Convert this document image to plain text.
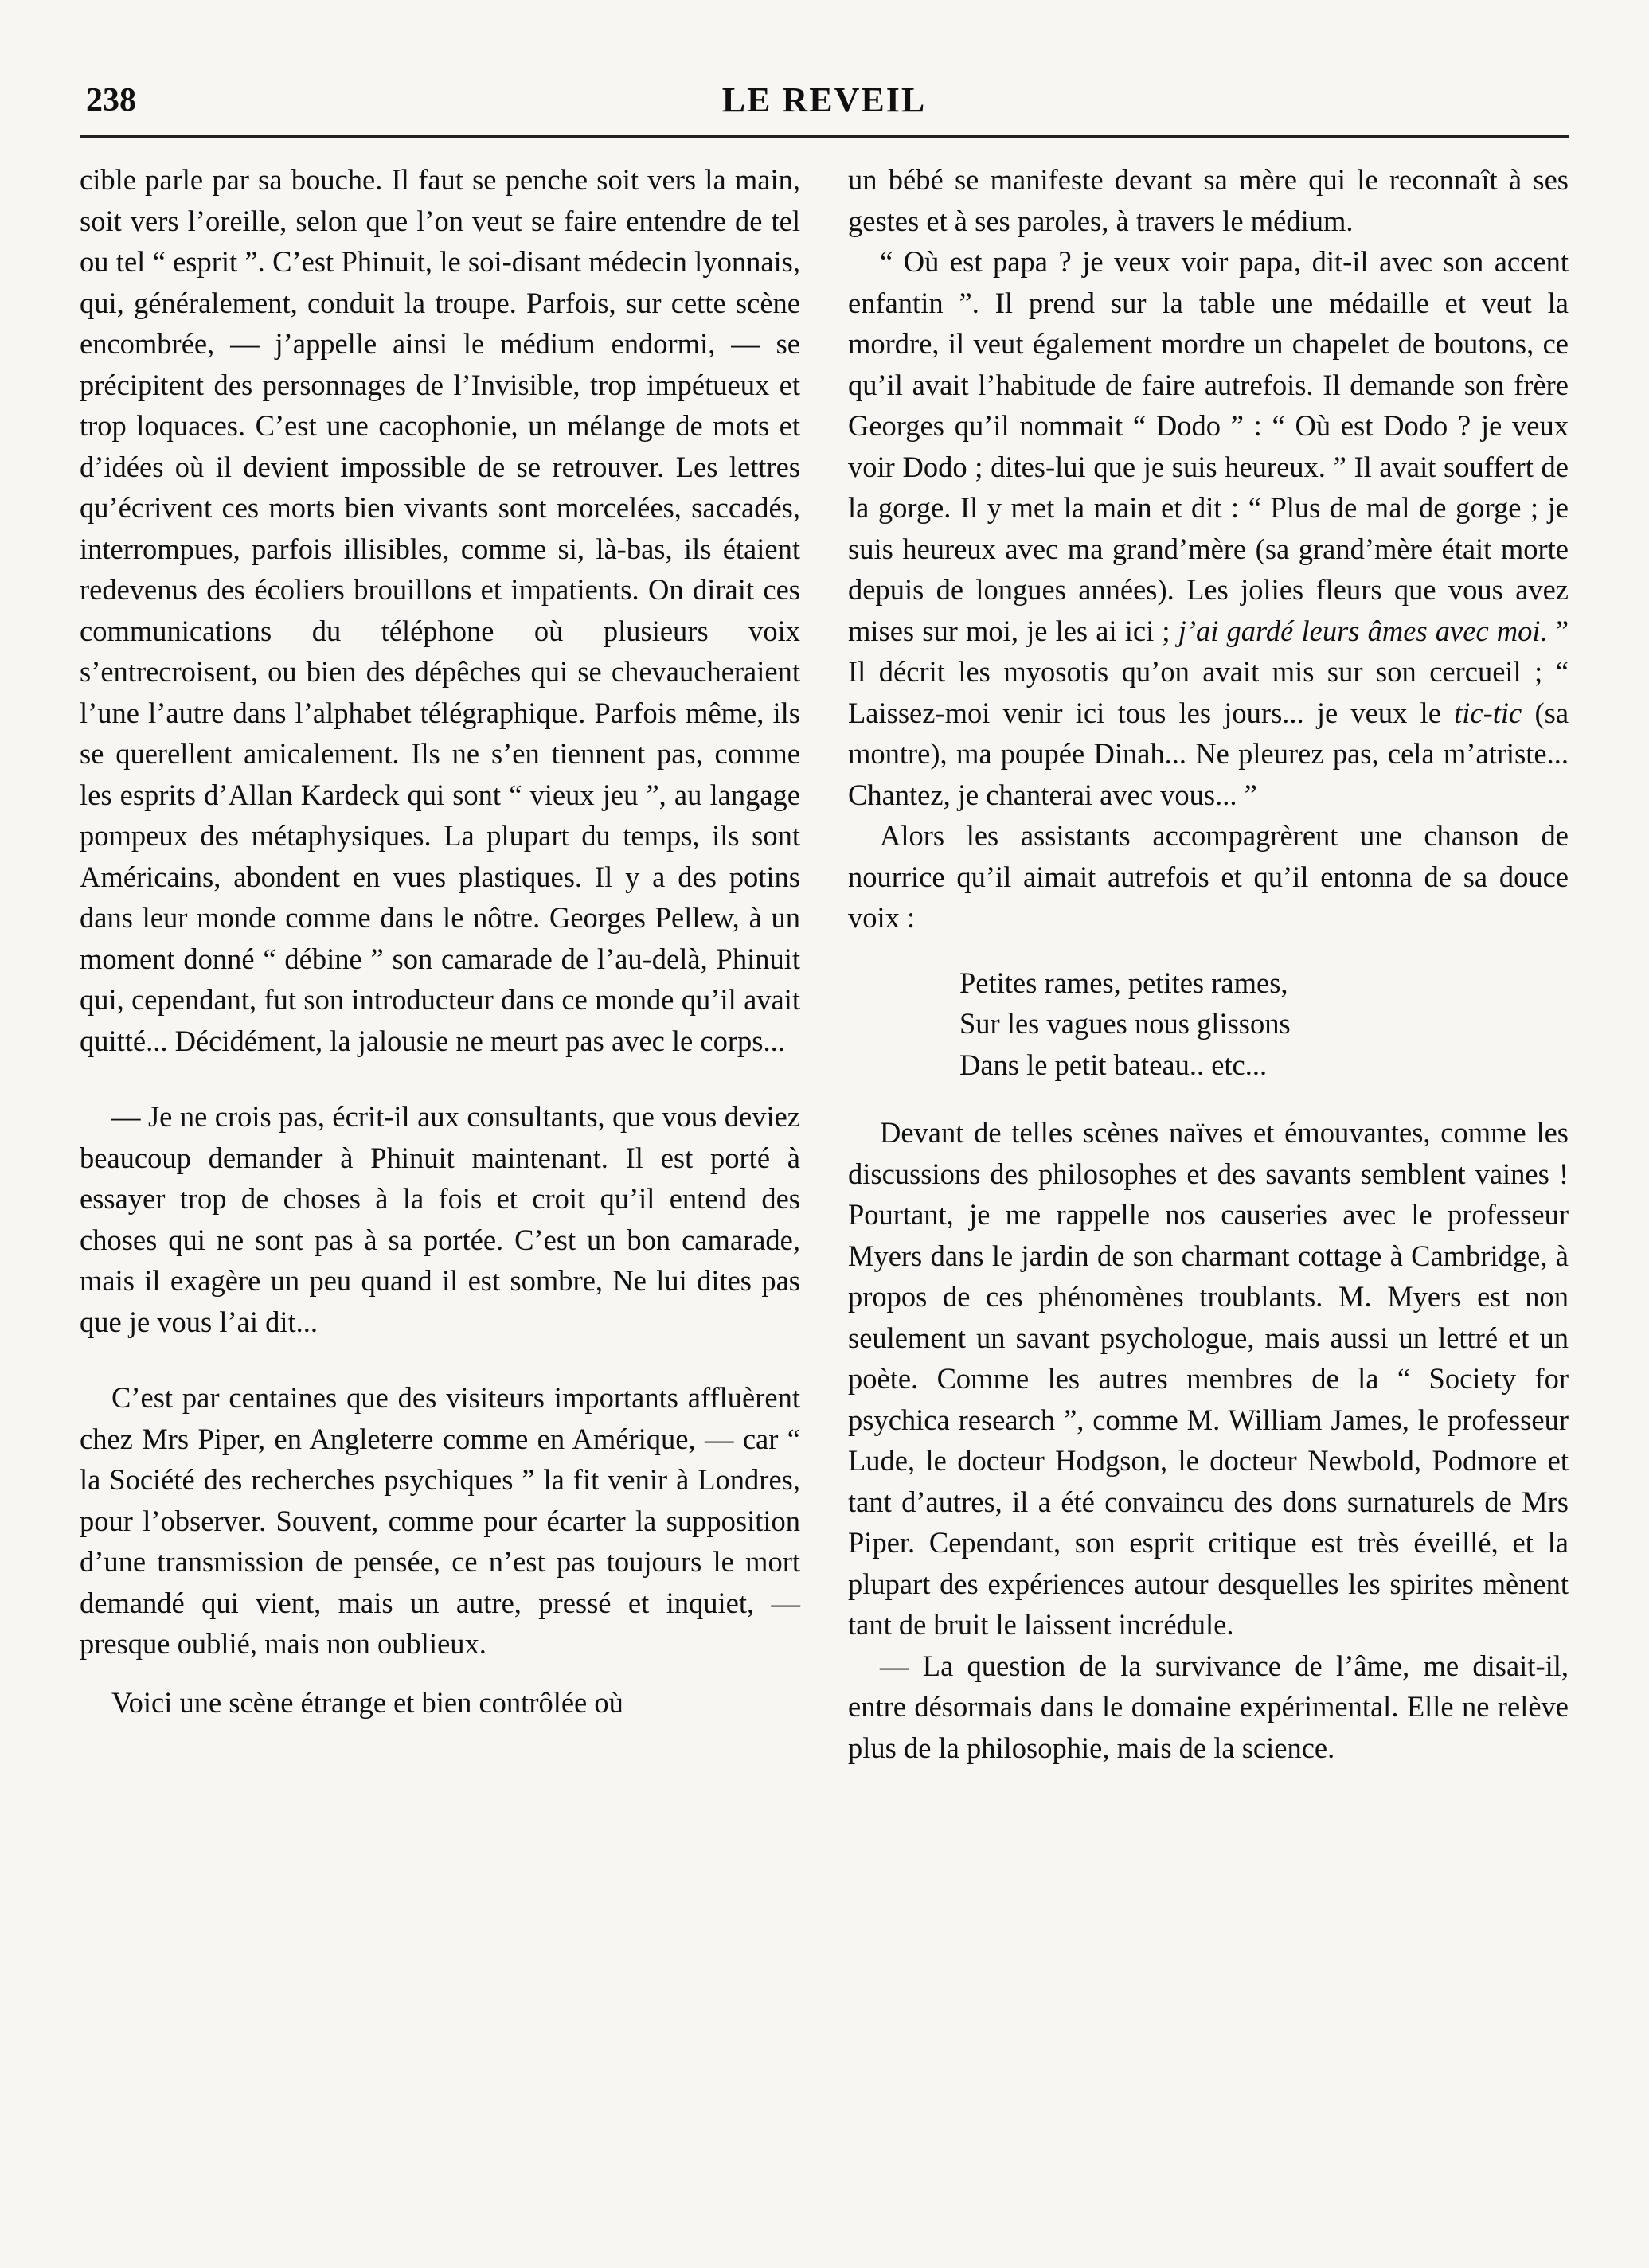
238	LE REVEIL

cible parle par sa bouche. Il faut se penche soit vers la main, soit vers l’oreille, selon que l’on veut se faire entendre de tel ou tel “ esprit ”. C’est Phinuit, le soi-disant médecin lyonnais, qui, généralement, conduit la troupe. Parfois, sur cette scène encombrée, — j’appelle ainsi le médium endormi, — se précipitent des personnages de l’Invisible, trop impétueux et trop loquaces. C’est une cacophonie, un mélange de mots et d’idées où il devient impossible de se retrouver. Les lettres qu’écrivent ces morts bien vivants sont morcelées, saccadés, interrompues, parfois illisibles, comme si, là-bas, ils étaient redevenus des écoliers brouillons et impatients. On dirait ces communications du téléphone où plusieurs voix s’entrecroisent, ou bien des dépêches qui se chevaucheraient l’une l’autre dans l’alphabet télégraphique. Parfois même, ils se querellent amicalement. Ils ne s’en tiennent pas, comme les esprits d’Allan Kardeck qui sont “ vieux jeu ”, au langage pompeux des métaphysiques. La plupart du temps, ils sont Américains, abondent en vues plastiques. Il y a des potins dans leur monde comme dans le nôtre. Georges Pellew, à un moment donné “ débine ” son camarade de l’au-delà, Phinuit qui, cependant, fut son introducteur dans ce monde qu’il avait quitté... Décidément, la jalousie ne meurt pas avec le corps...

— Je ne crois pas, écrit-il aux consultants, que vous deviez beaucoup demander à Phinuit maintenant. Il est porté à essayer trop de choses à la fois et croit qu’il entend des choses qui ne sont pas à sa portée. C’est un bon camarade, mais il exagère un peu quand il est sombre, Ne lui dites pas que je vous l’ai dit...

C’est par centaines que des visiteurs importants affluèrent chez Mrs Piper, en Angleterre comme en Amérique, — car “ la Société des recherches psychiques ” la fit venir à Londres, pour l’observer. Souvent, comme pour écarter la supposition d’une transmission de pensée, ce n’est pas toujours le mort demandé qui vient, mais un autre, pressé et inquiet, — presque oublié, mais non oublieux.

Voici une scène étrange et bien contrôlée où

un bébé se manifeste devant sa mère qui le reconnaît à ses gestes et à ses paroles, à travers le médium.

“ Où est papa ? je veux voir papa, dit-il avec son accent enfantin ”. Il prend sur la table une médaille et veut la mordre, il veut également mordre un chapelet de boutons, ce qu’il avait l’habitude de faire autrefois. Il demande son frère Georges qu’il nommait “ Dodo ” : “ Où est Dodo ? je veux voir Dodo ; dites-lui que je suis heureux. ” Il avait souffert de la gorge. Il y met la main et dit : “ Plus de mal de gorge ; je suis heureux avec ma grand’mère (sa grand’mère était morte depuis de longues années). Les jolies fleurs que vous avez mises sur moi, je les ai ici ; j’ai gardé leurs âmes avec moi. ” Il décrit les myosotis qu’on avait mis sur son cercueil ; “ Laissez-moi venir ici tous les jours... je veux le tic-tic (sa montre), ma poupée Dinah... Ne pleurez pas, cela m’atriste... Chantez, je chanterai avec vous... ”

Alors les assistants accompagrèrent une chanson de nourrice qu’il aimait autrefois et qu’il entonna de sa douce voix :

Petites rames, petites rames,
Sur les vagues nous glissons
Dans le petit bateau.. etc...

Devant de telles scènes naïves et émouvantes, comme les discussions des philosophes et des savants semblent vaines ! Pourtant, je me rappelle nos causeries avec le professeur Myers dans le jardin de son charmant cottage à Cambridge, à propos de ces phénomènes troublants. M. Myers est non seulement un savant psychologue, mais aussi un lettré et un poète. Comme les autres membres de la “ Society for psychica research ”, comme M. William James, le professeur Lude, le docteur Hodgson, le docteur Newbold, Podmore et tant d’autres, il a été convaincu des dons surnaturels de Mrs Piper. Cependant, son esprit critique est très éveillé, et la plupart des expériences autour desquelles les spirites mènent tant de bruit le laissent incrédule.

— La question de la survivance de l’âme, me disait-il, entre désormais dans le domaine expérimental. Elle ne relève plus de la philosophie, mais de la science.
